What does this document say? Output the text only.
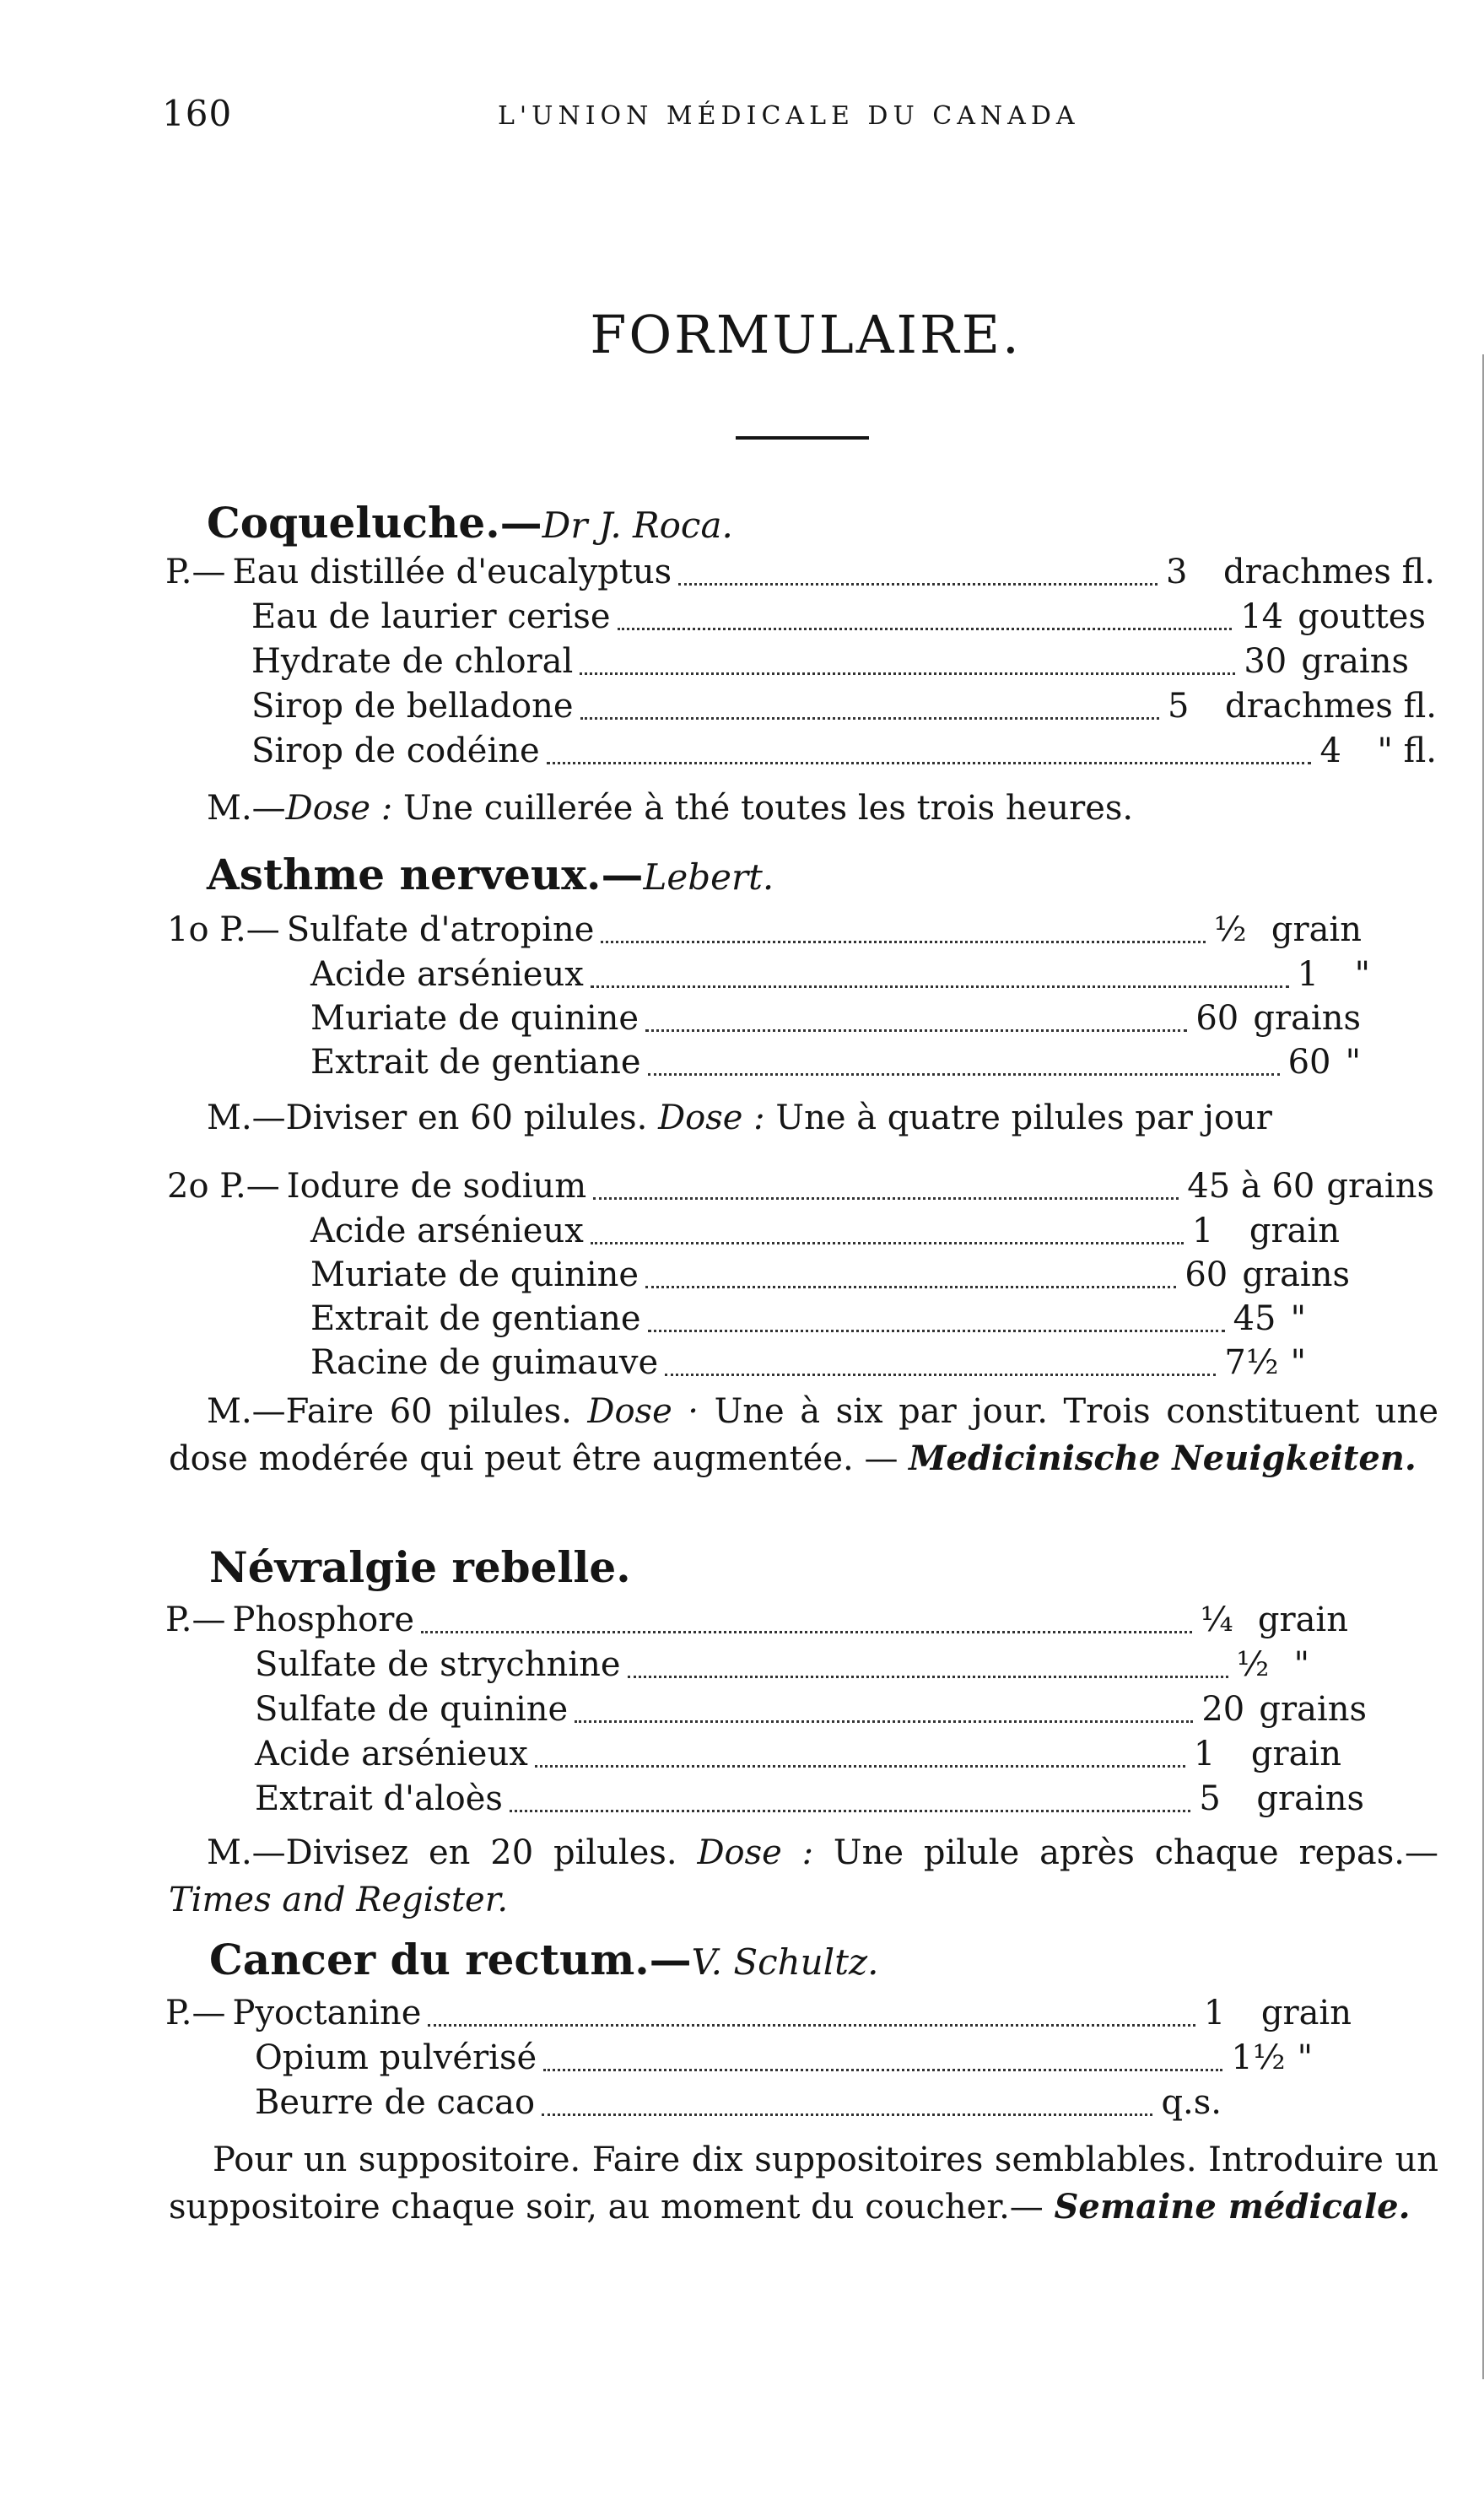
160	L'UNION MÉDICALE DU CANADA
FORMULAIRE.
Coqueluche.—Dr J. Roca.
P.— Eau distillée d'eucalyptus	3 drachmes fl.
Eau de laurier cerise	14 gouttes
Hydrate de chloral	30 grains
Sirop de belladone	5 drachmes fl.
Sirop de codéine	4 " fl.
M.—Dose : Une cuillerée à thé toutes les trois heures.
Asthme nerveux.—Lebert.
1o P.— Sulfate d'atropine	½ grain
Acide arsénieux	1 "
Muriate de quinine	60 grains
Extrait de gentiane	60 "
M.—Diviser en 60 pilules. Dose : Une à quatre pilules par jour
2o P.— Iodure de sodium	45 à 60 grains
Acide arsénieux	1 grain
Muriate de quinine	60 grains
Extrait de gentiane	45 "
Racine de guimauve	7½ "
M.—Faire 60 pilules. Dose · Une à six par jour. Trois constituent une dose modérée qui peut être augmentée. — Medicinische Neuigkeiten.
Névralgie rebelle.
P.— Phosphore	¼ grain
Sulfate de strychnine	½ "
Sulfate de quinine	20 grains
Acide arsénieux	1 grain
Extrait d'aloès	5 grains
M.—Divisez en 20 pilules. Dose : Une pilule après chaque repas.—Times and Register.
Cancer du rectum.—V. Schultz.
P.— Pyoctanine	1 grain
Opium pulvérisé	1½ "
Beurre de cacao	q.s.
Pour un suppositoire. Faire dix suppositoires semblables. Introduire un suppositoire chaque soir, au moment du coucher.— Semaine médicale.
